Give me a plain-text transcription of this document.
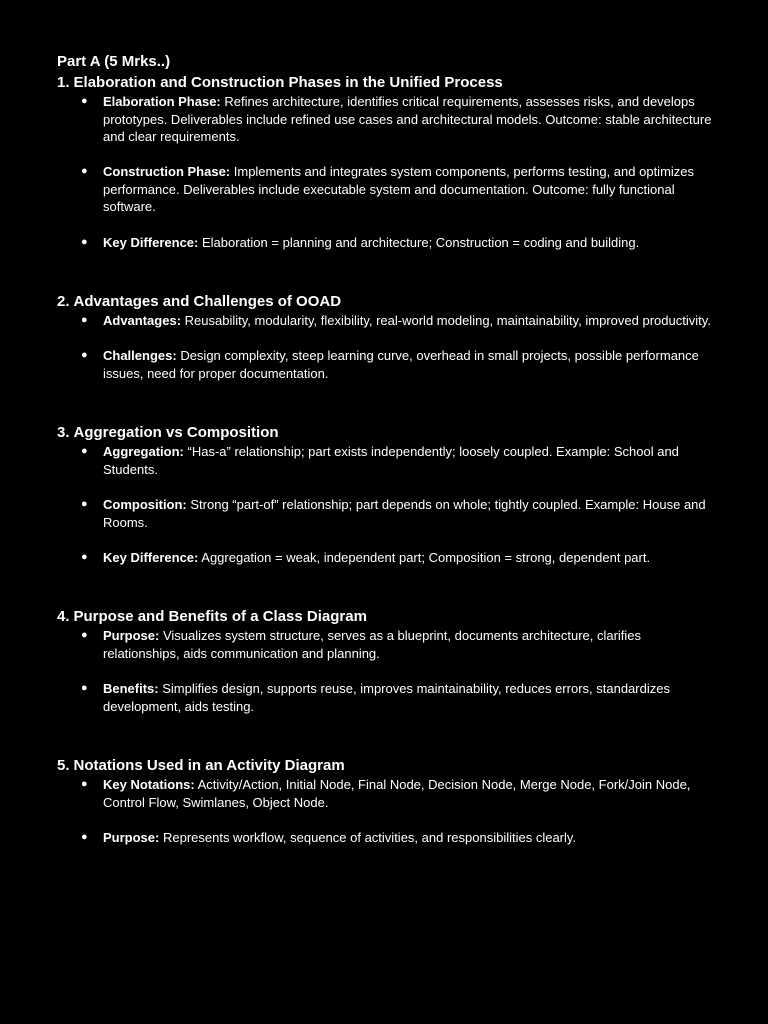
Part A (5 Mrks..)
1. Elaboration and Construction Phases in the Unified Process
● Elaboration Phase: Refines architecture, identifies critical requirements, assesses risks, and develops prototypes. Deliverables include refined use cases and architectural models. Outcome: stable architecture and clear requirements.
● Construction Phase: Implements and integrates system components, performs testing, and optimizes performance. Deliverables include executable system and documentation. Outcome: fully functional software.
● Key Difference: Elaboration = planning and architecture; Construction = coding and building.
2. Advantages and Challenges of OOAD
● Advantages: Reusability, modularity, flexibility, real-world modeling, maintainability, improved productivity.
● Challenges: Design complexity, steep learning curve, overhead in small projects, possible performance issues, need for proper documentation.
3. Aggregation vs Composition
● Aggregation: “Has-a” relationship; part exists independently; loosely coupled. Example: School and Students.
● Composition: Strong “part-of” relationship; part depends on whole; tightly coupled. Example: House and Rooms.
● Key Difference: Aggregation = weak, independent part; Composition = strong, dependent part.
4. Purpose and Benefits of a Class Diagram
● Purpose: Visualizes system structure, serves as a blueprint, documents architecture, clarifies relationships, aids communication and planning.
● Benefits: Simplifies design, supports reuse, improves maintainability, reduces errors, standardizes development, aids testing.
5. Notations Used in an Activity Diagram
● Key Notations: Activity/Action, Initial Node, Final Node, Decision Node, Merge Node, Fork/Join Node, Control Flow, Swimlanes, Object Node.
● Purpose: Represents workflow, sequence of activities, and responsibilities clearly.
